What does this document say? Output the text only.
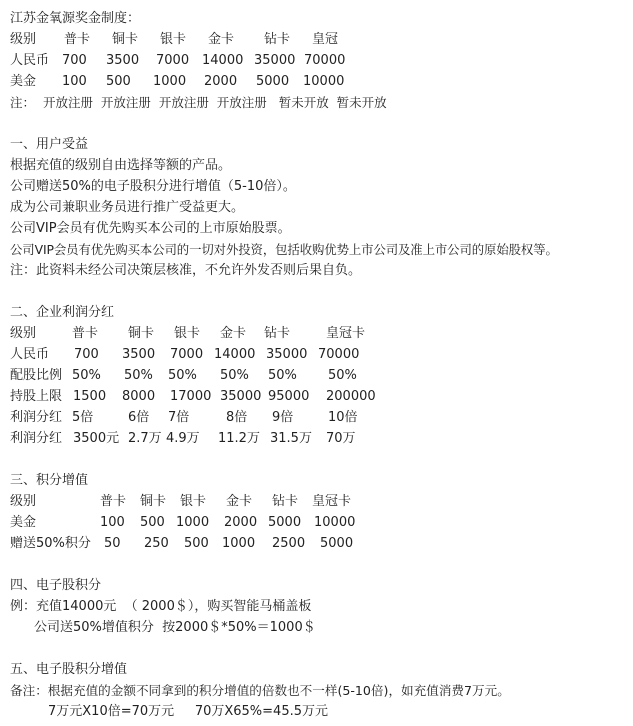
江苏金氧源奖金制度：
级别 普卡 铜卡 银卡 金卡 钻卡 皇冠
人民币 700 3500 7000 14000 35000 70000
美金 100 500 1000 2000 5000 10000
注：  开放注册  开放注册  开放注册  开放注册   暂未开放  暂未开放
一、用户受益
根据充值的级别自由选择等额的产品。
公司赠送50%的电子股积分进行增值（5-10倍）。
成为公司兼职业务员进行推广受益更大。
公司VIP会员有优先购买本公司的上市原始股票。
公司VIP会员有优先购买本公司的一切对外投资，包括收购优势上市公司及准上市公司的原始股权等。
注：此资料未经公司决策层核准，不允许外发否则后果自负。
二、企业利润分红
级别	普卡 铜卡 银卡 金卡 钻卡	皇冠卡
人民币 700 3500 7000 14000 35000 70000
配股比例 50% 50% 50% 50% 50% 50%
持股上限 1500 8000 17000 35000 95000 200000
利润分红 5倍	6倍 7倍	8倍 9倍	10倍
利润分红 3500元 2.7万 4.9万 11.2万 31.5万 70万
三、积分增值
级别	普卡 铜卡 银卡 金卡 钻卡 皇冠卡
美金	100 500 1000 2000 5000 10000
赠送50%积分 50 250 500 1000 2500 5000
四、电子股积分
例：充值14000元  （ 2000＄），购买智能马桶盖板
公司送50%增值积分  按2000＄*50%＝1000＄
五、电子股积分增值
备注：根据充值的金额不同拿到的积分增值的倍数也不一样(5-10倍)，如充值消费7万元。
7万元X10倍=70万元     70万X65%=45.5万元
